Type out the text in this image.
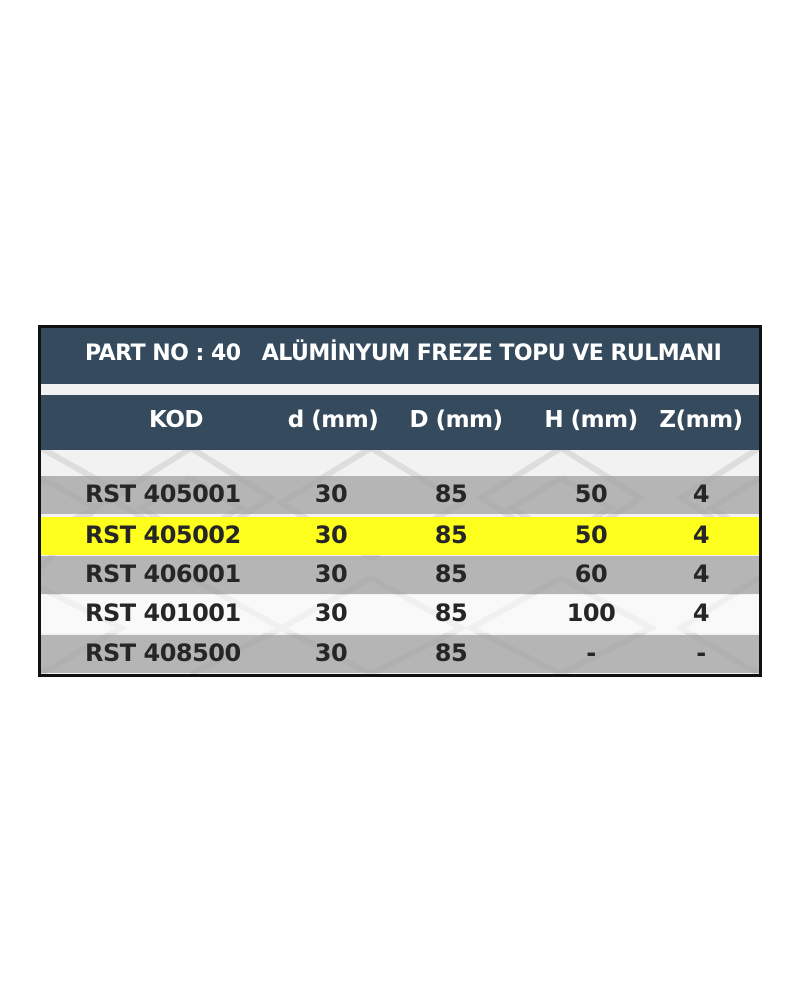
PART NO : 40 ALÜMİNYUM FREZE TOPU VE RULMANI
KOD	d (mm)	D (mm)	H (mm) Z(mm)
RST 405001	30	85	50	4
RST 405002	30	85	50	4
RST 406001	30	85	60	4
RST 401001	30	85	100	4
RST 408500	30	85	-	-
